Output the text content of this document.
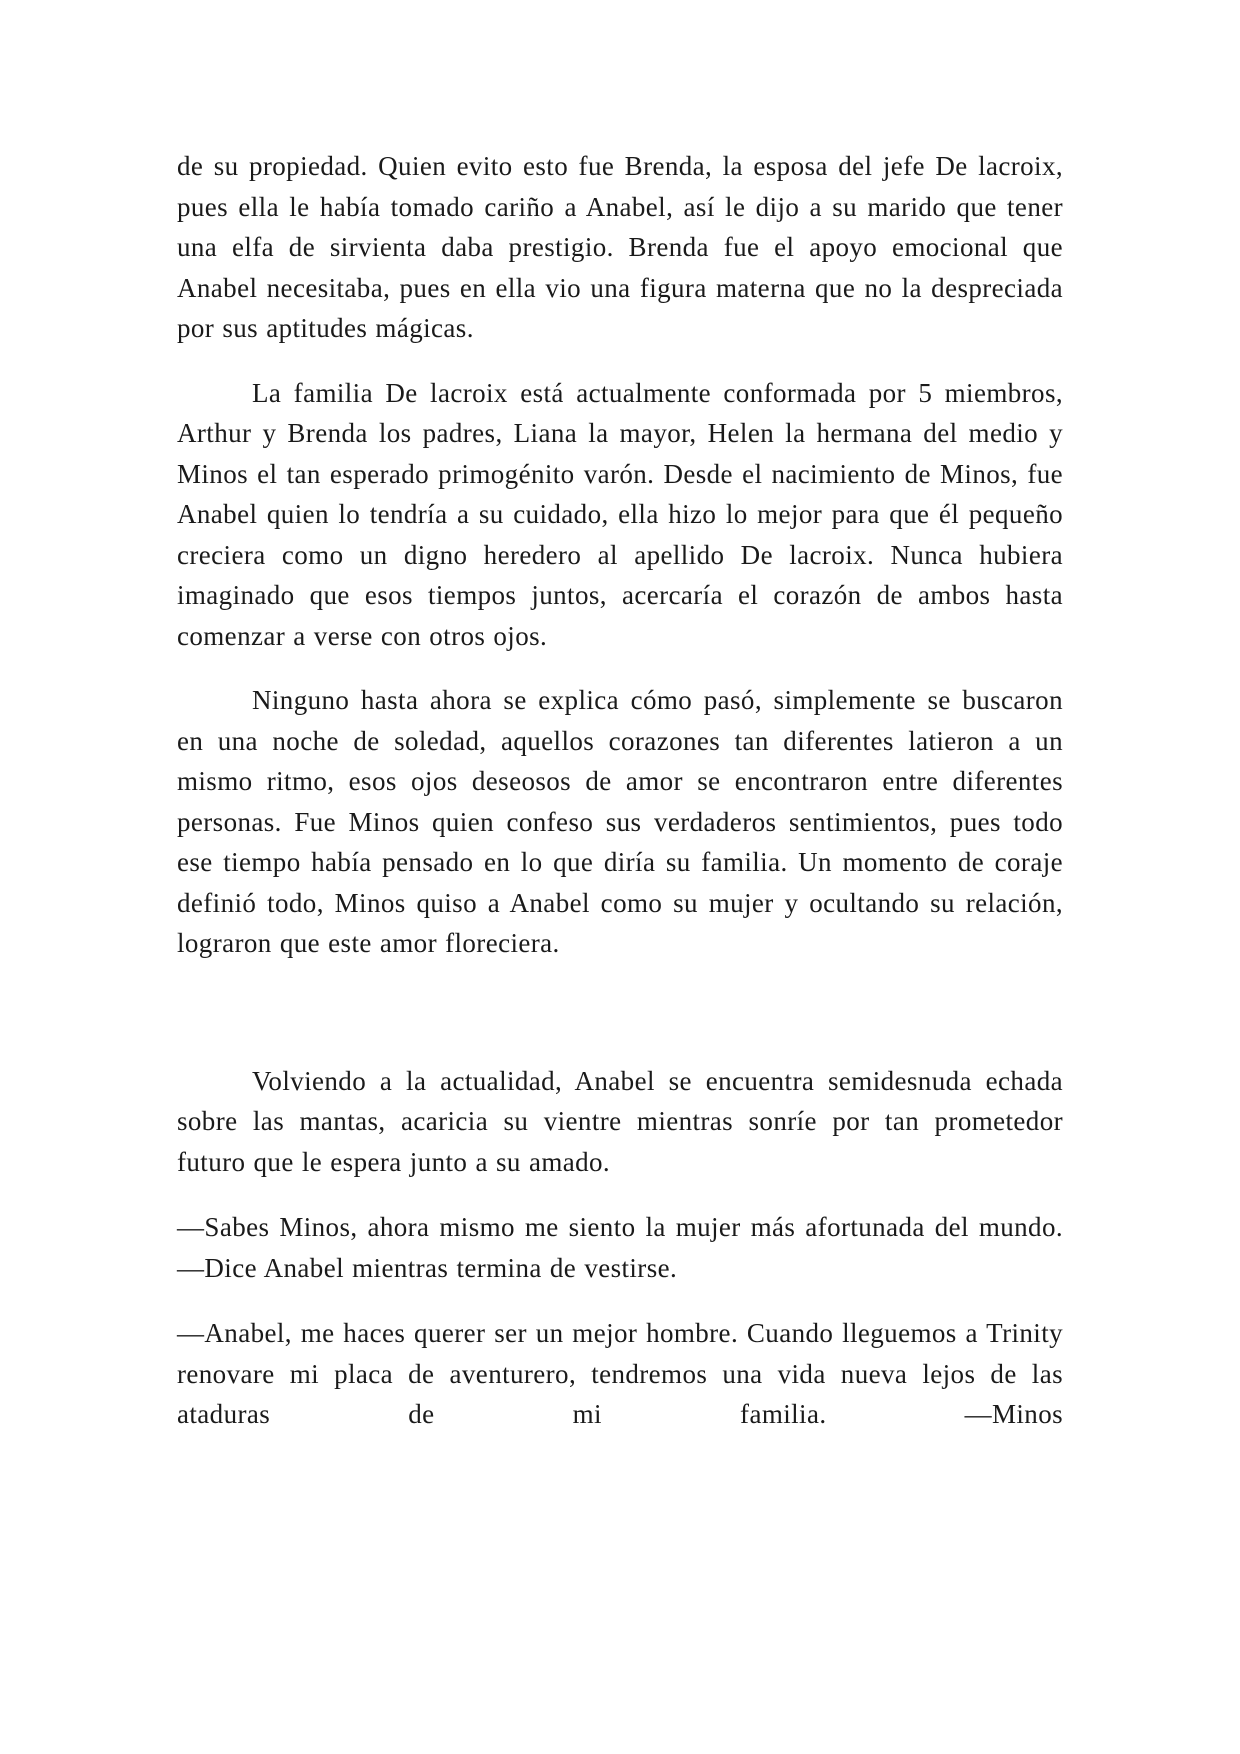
de su propiedad. Quien evito esto fue Brenda, la esposa del jefe De lacroix, pues ella le había tomado cariño a Anabel, así le dijo a su marido que tener una elfa de sirvienta daba prestigio. Brenda fue el apoyo emocional que Anabel necesitaba, pues en ella vio una figura materna que no la despreciada por sus aptitudes mágicas.

La familia De lacroix está actualmente conformada por 5 miembros, Arthur y Brenda los padres, Liana la mayor, Helen la hermana del medio y Minos el tan esperado primogénito varón. Desde el nacimiento de Minos, fue Anabel quien lo tendría a su cuidado, ella hizo lo mejor para que él pequeño creciera como un digno heredero al apellido De lacroix. Nunca hubiera imaginado que esos tiempos juntos, acercaría el corazón de ambos hasta comenzar a verse con otros ojos.

Ninguno hasta ahora se explica cómo pasó, simplemente se buscaron en una noche de soledad, aquellos corazones tan diferentes latieron a un mismo ritmo, esos ojos deseosos de amor se encontraron entre diferentes personas. Fue Minos quien confeso sus verdaderos sentimientos, pues todo ese tiempo había pensado en lo que diría su familia. Un momento de coraje definió todo, Minos quiso a Anabel como su mujer y ocultando su relación, lograron que este amor floreciera.

Volviendo a la actualidad, Anabel se encuentra semidesnuda echada sobre las mantas, acaricia su vientre mientras sonríe por tan prometedor futuro que le espera junto a su amado.

—Sabes Minos, ahora mismo me siento la mujer más afortunada del mundo. —Dice Anabel mientras termina de vestirse.

—Anabel, me haces querer ser un mejor hombre. Cuando lleguemos a Trinity renovare mi placa de aventurero, tendremos una vida nueva lejos de las ataduras de mi familia. —Minos
